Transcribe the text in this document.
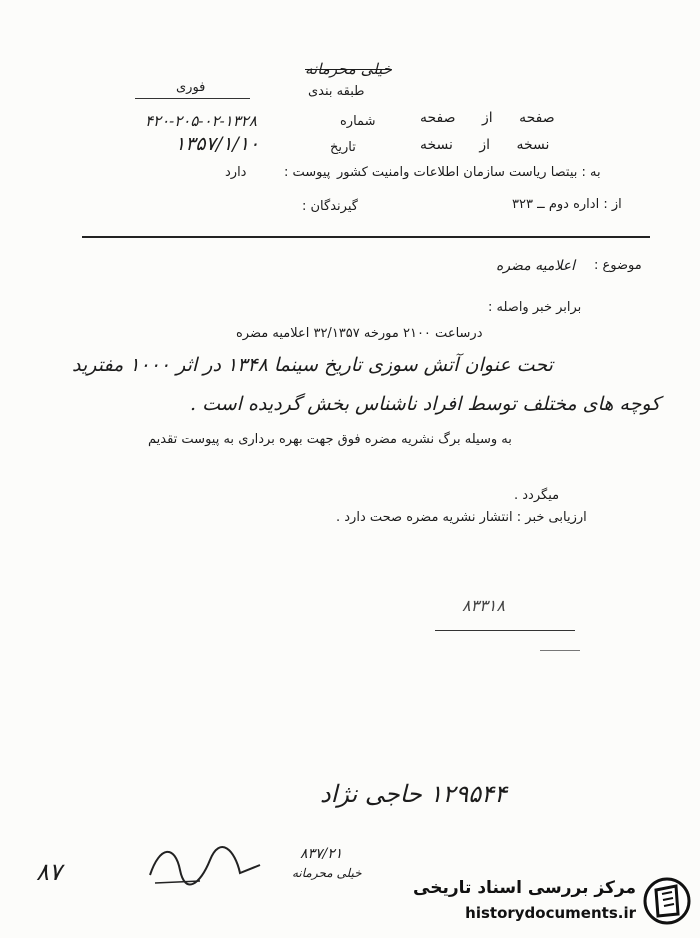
خیلی محرمانه
طبقه بندی
فوری
صفحه از صفحه
شماره
۴۲۰-۲۰۵-۰۲-۱۳۲۸
نسخه از نسخه
تاریخ
۱۳۵۷/۱/۱۰
به : بیتصا ریاست سازمان اطلاعات وامنیت کشور
پیوست :
دارد
از : اداره دوم ــ ۳۲۳
گیرندگان :
موضوع :
اعلامیه مضره
برابر خبر واصله :
درساعت ۲۱۰۰ مورخه ۳۲/۱۳۵۷ اعلامیه مضره
تحت عنوان آتش سوزی تاریخ سینما ۱۳۴۸ در اثر ۱۰۰۰ مفترید
کوچه های مختلف توسط افراد ناشناس بخش گردیده است .
به وسیله برگ نشریه مضره فوق جهت بهره برداری به پیوست تقدیم
میگردد .
ارزیابی خبر : انتشار نشریه مضره صحت دارد .
۸۳۳۱۸
۱۲۹۵۴۴ حاجی نژاد
۸۷
۸۳۷/۲۱
خیلی محرمانه
مرکز بررسی اسناد تاریخی
historydocuments.ir
